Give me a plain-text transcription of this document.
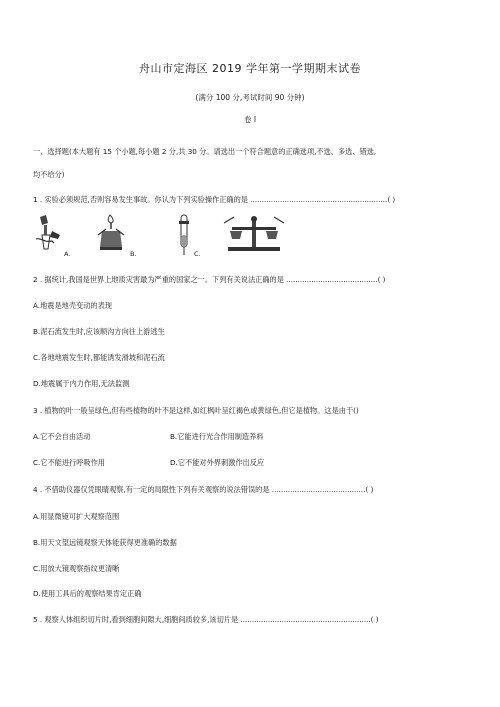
舟山市定海区 2019 学年第一学期期末试卷
(满分 100 分,考试时间 90 分钟)
卷 I
一、选择题(本大题有 15 个小题,每小题 2 分,共 30 分。请选出一个符合题意的正确选项,不选、多选、错选,
均不给分)
1 . 实验必须规范,否则容易发生事故。你认为下列实验操作正确的是 ............................................................( )
A.	B.	C.
2 . 据统计,我国是世界上地质灾害最为严重的国家之一。下列有关说法正确的是 ........................................( )
A.地震是地壳变动的表现
B.泥石流发生时,应该顺沟方向往上游逃生
C.各地地震发生时,都能诱发滑坡和泥石流
D.地震属于内力作用,无法监测
3 . 植物的叶一般呈绿色,但有些植物的叶不是这样,如红枫叶呈红褐色或黄绿色,但它是植物。这是由于()
A.它不会自由活动	B.它能进行光合作用制造养料
C.它不能进行呼吸作用	D.它不能对外界刺激作出反应
4 . 不借助仪器仅凭眼睛观察,有一定的局限性下列有关观察的说法错误的是 .........................................( )
A.用显微镜可扩大观察范围
B.用天文望远镜观察天体能获得更准确的数据
C.用放大镜观察指纹更清晰
D.使用工具后的观察结果肯定正确
5 . 观察人体组织切片时,看到细胞间隙大,细胞间质较多,该切片是 .........................................................( )
